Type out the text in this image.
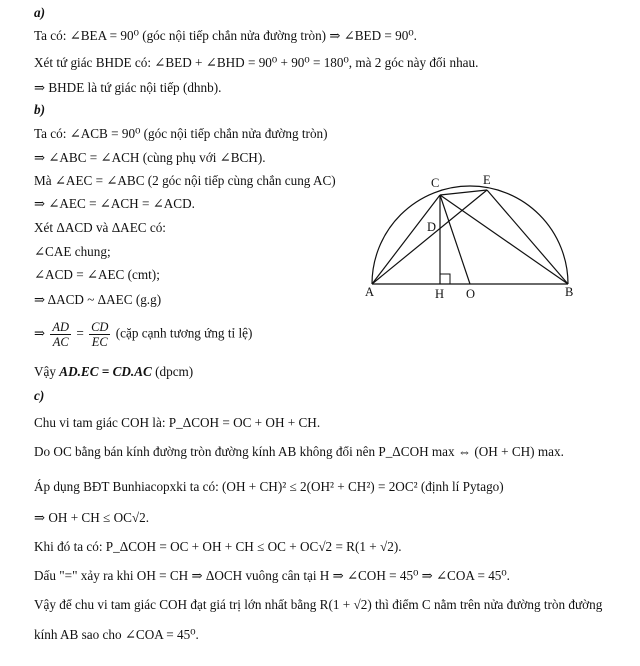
a)
Ta có: ∠BEA = 90⁰ (góc nội tiếp chắn nửa đường tròn) ⇒ ∠BED = 90⁰.
Xét tứ giác BHDE có: ∠BED + ∠BHD = 90⁰ + 90⁰ = 180⁰, mà 2 góc này đối nhau.
⇒ BHDE là tứ giác nội tiếp (dhnb).
b)
Ta có: ∠ACB = 90⁰ (góc nội tiếp chắn nửa đường tròn)
⇒ ∠ABC = ∠ACH (cùng phụ với ∠BCH).
Mà ∠AEC = ∠ABC (2 góc nội tiếp cùng chắn cung AC)
⇒ ∠AEC = ∠ACH = ∠ACD.
Xét ΔACD và ΔAEC có:
∠CAE chung;
∠ACD = ∠AEC (cmt);
⇒ ΔACD ~ ΔAEC (g.g)
⇒ $\frac{AD}{AC} = \frac{CD}{EC}$ (cặp cạnh tương ứng tỉ lệ)
Vậy AD.EC = CD.AC (dpcm)
c)
Chu vi tam giác COH là: P_ΔCOH = OC + OH + CH.
Do OC bằng bán kính đường tròn đường kính AB không đổi nên P_ΔCOH max ⇔ (OH + CH) max.
Áp dụng BĐT Bunhiacopxki ta có: (OH + CH)² ≤ 2(OH² + CH²) = 2OC² (định lí Pytago)
⇒ OH + CH ≤ OC√2.
Khi đó ta có: P_ΔCOH = OC + OH + CH ≤ OC + OC√2 = R(1 + √2).
Dấu "=" xảy ra khi OH = CH ⇒ ΔOCH vuông cân tại H ⇒ ∠COH = 45⁰ ⇒ ∠COA = 45⁰.
Vậy để chu vi tam giác COH đạt giá trị lớn nhất bằng R(1 + √2) thì điểm C nằm trên nửa đường tròn đường
kính AB sao cho ∠COA = 45⁰.
C	E
D
A	H O	B
